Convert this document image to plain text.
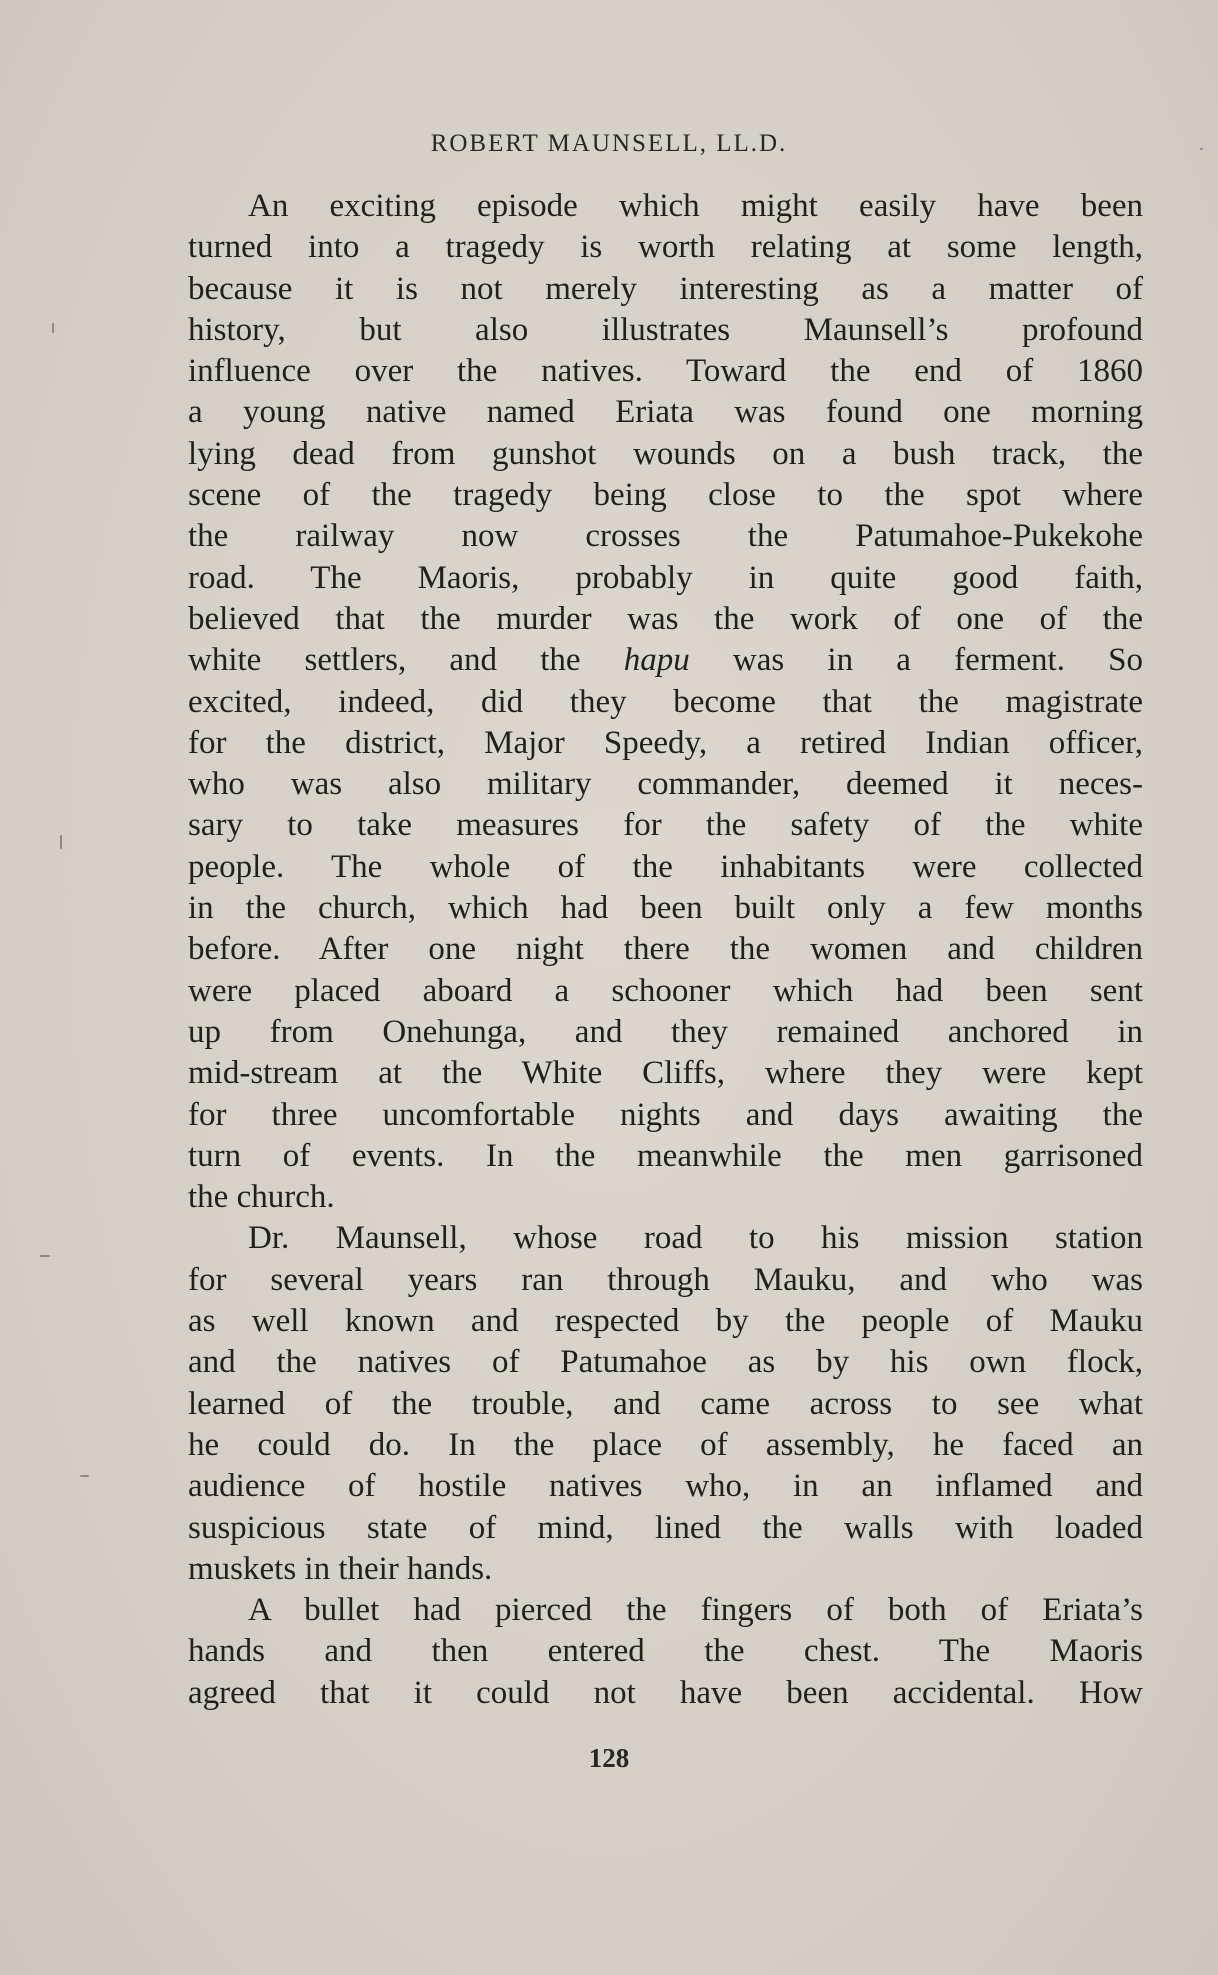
ROBERT MAUNSELL, LL.D.
An exciting episode which might easily have been
turned into a tragedy is worth relating at some length,
because it is not merely interesting as a matter of
history, but also illustrates Maunsell’s profound
influence over the natives. Toward the end of 1860
a young native named Eriata was found one morning
lying dead from gunshot wounds on a bush track, the
scene of the tragedy being close to the spot where
the railway now crosses the Patumahoe-Pukekohe
road. The Maoris, probably in quite good faith,
believed that the murder was the work of one of the
white settlers, and the hapu was in a ferment. So
excited, indeed, did they become that the magistrate
for the district, Major Speedy, a retired Indian officer,
who was also military commander, deemed it neces-
sary to take measures for the safety of the white
people. The whole of the inhabitants were collected
in the church, which had been built only a few months
before. After one night there the women and children
were placed aboard a schooner which had been sent
up from Onehunga, and they remained anchored in
mid-stream at the White Cliffs, where they were kept
for three uncomfortable nights and days awaiting the
turn of events. In the meanwhile the men garrisoned
the church.
Dr. Maunsell, whose road to his mission station
for several years ran through Mauku, and who was
as well known and respected by the people of Mauku
and the natives of Patumahoe as by his own flock,
learned of the trouble, and came across to see what
he could do. In the place of assembly, he faced an
audience of hostile natives who, in an inflamed and
suspicious state of mind, lined the walls with loaded
muskets in their hands.
A bullet had pierced the fingers of both of Eriata’s
hands and then entered the chest. The Maoris
agreed that it could not have been accidental. How
128
